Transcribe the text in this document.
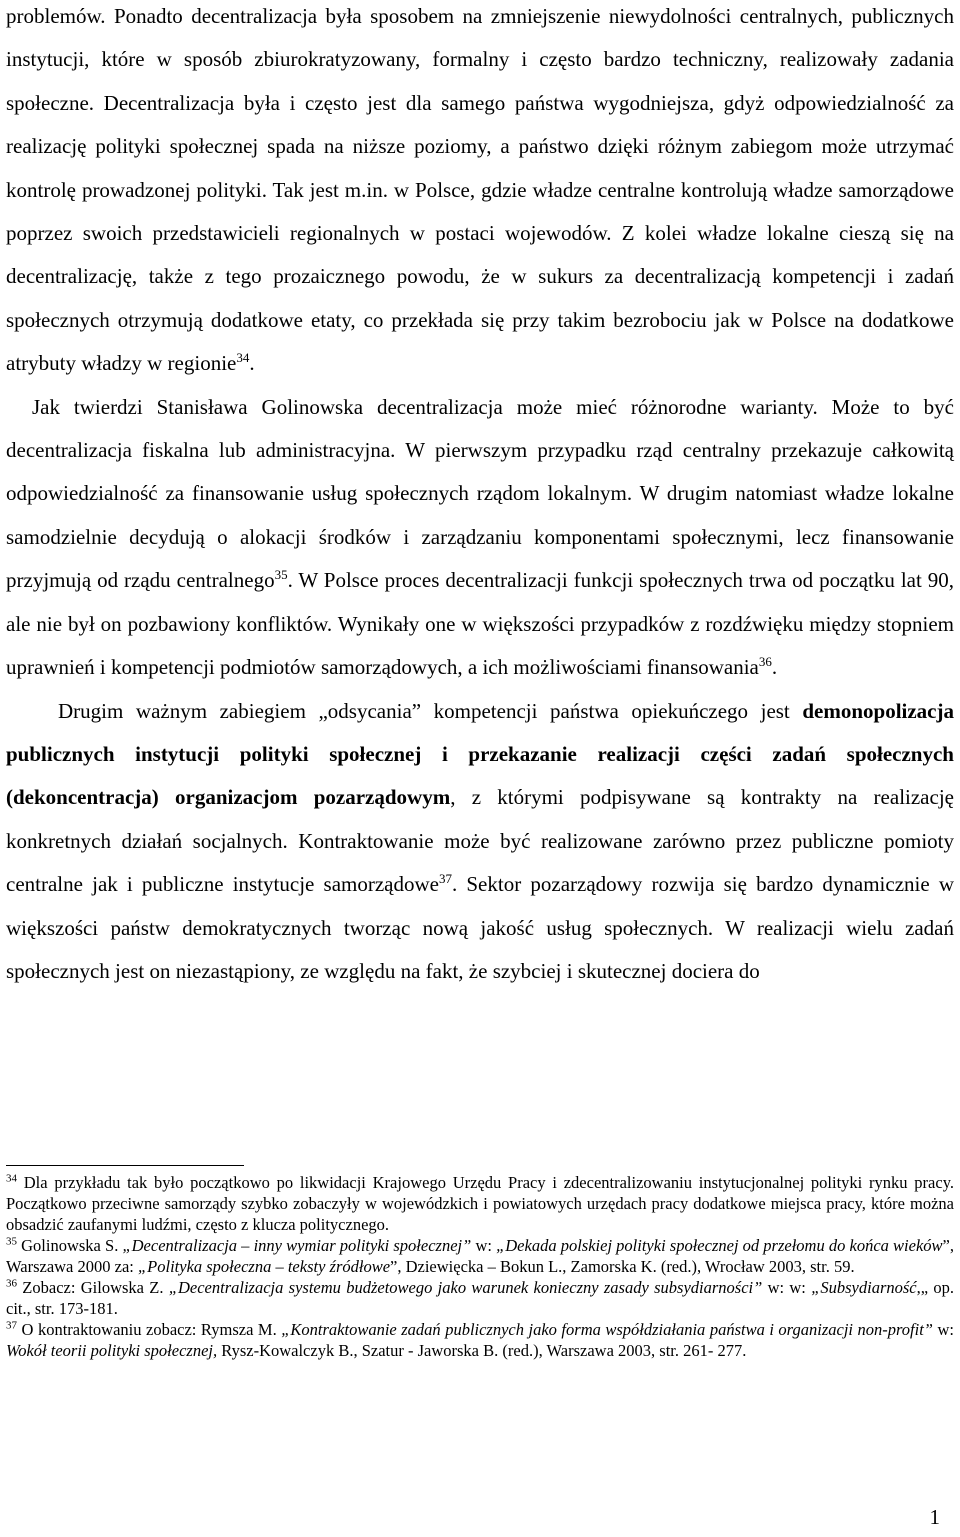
problemów. Ponadto decentralizacja była sposobem na zmniejszenie niewydolności centralnych, publicznych instytucji, które w sposób zbiurokratyzowany, formalny i często bardzo techniczny, realizowały zadania społeczne. Decentralizacja była i często jest dla samego państwa wygodniejsza, gdyż odpowiedzialność za realizację polityki społecznej spada na niższe poziomy, a państwo dzięki różnym zabiegom może utrzymać kontrolę prowadzonej polityki. Tak jest m.in. w Polsce, gdzie władze centralne kontrolują władze samorządowe poprzez swoich przedstawicieli regionalnych w postaci wojewodów. Z kolei władze lokalne cieszą się na decentralizację, także z tego prozaicznego powodu, że w sukurs za decentralizacją kompetencji i zadań społecznych otrzymują dodatkowe etaty, co przekłada się przy takim bezrobociu jak w Polsce na dodatkowe atrybuty władzy w regionie$^{34}$.

Jak twierdzi Stanisława Golinowska decentralizacja może mieć różnorodne warianty. Może to być decentralizacja fiskalna lub administracyjna. W pierwszym przypadku rząd centralny przekazuje całkowitą odpowiedzialność za finansowanie usług społecznych rządom lokalnym. W drugim natomiast władze lokalne samodzielnie decydują o alokacji środków i zarządzaniu komponentami społecznymi, lecz finansowanie przyjmują od rządu centralnego$^{35}$. W Polsce proces decentralizacji funkcji społecznych trwa od początku lat 90, ale nie był on pozbawiony konfliktów. Wynikały one w większości przypadków z rozdźwięku między stopniem uprawnień i kompetencji podmiotów samorządowych, a ich możliwościami finansowania$^{36}$.

Drugim ważnym zabiegiem „odsycania” kompetencji państwa opiekuńczego jest demonopolizacja publicznych instytucji polityki społecznej i przekazanie realizacji części zadań społecznych (dekoncentracja) organizacjom pozarządowym, z którymi podpisywane są kontrakty na realizację konkretnych działań socjalnych. Kontraktowanie może być realizowane zarówno przez publiczne pomioty centralne jak i publiczne instytucje samorządowe$^{37}$. Sektor pozarządowy rozwija się bardzo dynamicznie w większości państw demokratycznych tworząc nową jakość usług społecznych. W realizacji wielu zadań społecznych jest on niezastąpiony, ze względu na fakt, że szybciej i skutecznej dociera do

$^{34}$ Dla przykładu tak było początkowo po likwidacji Krajowego Urzędu Pracy i zdecentralizowaniu instytucjonalnej polityki rynku pracy. Początkowo przeciwne samorządy szybko zobaczyły w wojewódzkich i powiatowych urzędach pracy dodatkowe miejsca pracy, które można obsadzić zaufanymi ludźmi, często z klucza politycznego.

$^{35}$ Golinowska S. „Decentralizacja – inny wymiar polityki społecznej” w: „Dekada polskiej polityki społecznej od przełomu do końca wieków”, Warszawa 2000 za: „Polityka społeczna – teksty źródłowe”, Dziewięcka – Bokun L., Zamorska K. (red.), Wrocław 2003, str. 59.

$^{36}$ Zobacz: Gilowska Z. „Decentralizacja systemu budżetowego jako warunek konieczny zasady subsydiarności” w: w: „Subsydiarność,„ op. cit., str. 173-181.

$^{37}$ O kontraktowaniu zobacz: Rymsza M. „Kontraktowanie zadań publicznych jako forma współdziałania państwa i organizacji non-profit” w: Wokół teorii polityki społecznej, Rysz-Kowalczyk B., Szatur - Jaworska B. (red.), Warszawa 2003, str. 261- 277.

1
